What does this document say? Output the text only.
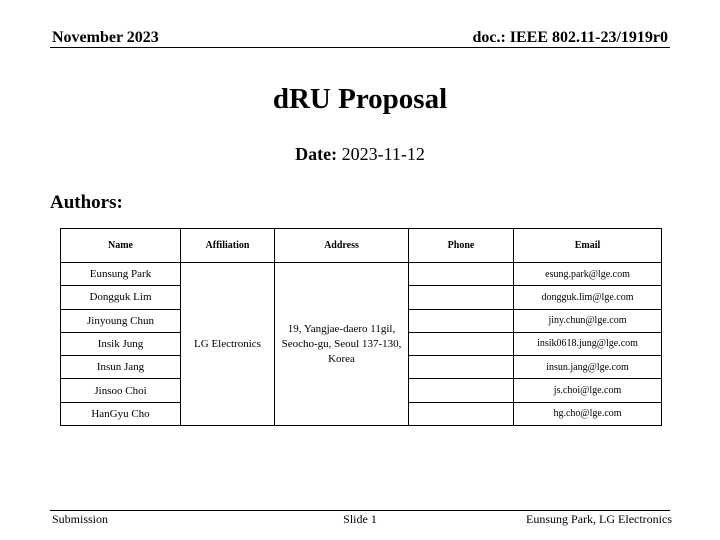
November 2023	doc.: IEEE 802.11-23/1919r0
dRU Proposal
Date: 2023-11-12
Authors:
Name	Affiliation	Address	Phone	Email
Eunsung Park	LG Electronics	19, Yangjae-daero 11gil, Seocho-gu, Seoul 137-130, Korea		esung.park@lge.com
Dongguk Lim				dongguk.lim@lge.com
Jinyoung Chun				jiny.chun@lge.com
Insik Jung				insik0618.jung@lge.com
Insun Jang				insun.jang@lge.com
Jinsoo Choi				js.choi@lge.com
HanGyu Cho				hg.cho@lge.com
Submission	Slide 1	Eunsung Park, LG Electronics
